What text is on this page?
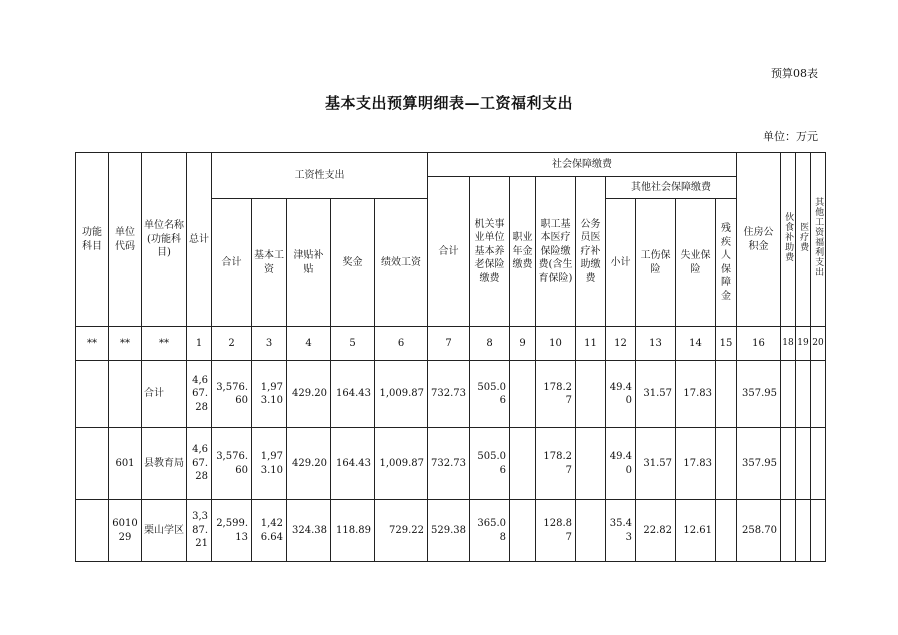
预算08表
基本支出预算明细表—工资福利支出
单位：万元
功能科目	单位代码	单位名称(功能科目)	总计	工资性支出					社会保障缴费									住房公积金	伙食补助费	医疗费	其他工资福利支出
									合计	机关事业单位基本养老保险缴费	职业年金缴费	职工基本医疗保险缴费(含生育保险)	公务员医疗补助缴费	其他社会保障缴费							
				合计	基本工资	津贴补贴	奖金	绩效工资						小计	工伤保险	失业保险	残疾人保障金				
**	**	**	1	2	3	4	5	6	7	8	9	10	11	12	13	14	15	16	18	19	20
		合计	4,667.28	3,576.60	1,973.10	429.20	164.43	1,009.87	732.73	505.06		178.27		49.40	31.57	17.83		357.95			
	601	县教育局	4,667.28	3,576.60	1,973.10	429.20	164.43	1,009.87	732.73	505.06		178.27		49.40	31.57	17.83		357.95			
	601029	栗山学区	3,387.21	2,599.13	1,426.64	324.38	118.89	729.22	529.38	365.08		128.87		35.43	22.82	12.61		258.70			
